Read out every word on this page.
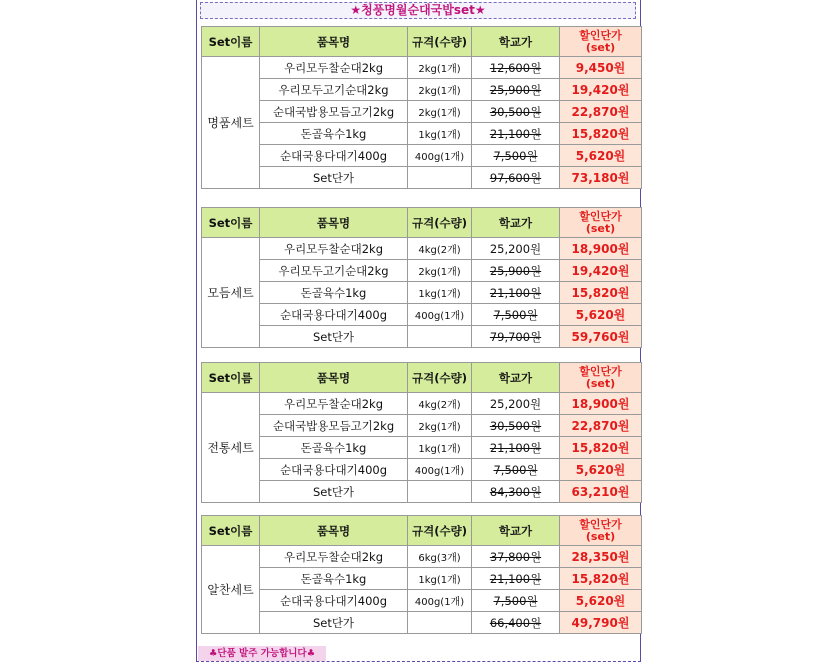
★청풍명월순대국밥set★
Set이름	품목명	규격(수량)	학교가	할인단가
(set)

명품세트	우리모두찰순대2kg	2kg(1개)	12,600원	9,450원
	우리모두고기순대2kg	2kg(1개)	25,900원	19,420원
	순대국밥용모듬고기2kg	2kg(1개)	30,500원	22,870원
	돈골육수1kg	1kg(1개)	21,100원	15,820원
	순대국용다대기400g	400g(1개)	7,500원	5,620원
	Set단가		97,600원	73,180원
Set이름	품목명	규격(수량)	학교가	할인단가
(set)

모듬세트	우리모두찰순대2kg	4kg(2개)	25,200원	18,900원
	우리모두고기순대2kg	2kg(1개)	25,900원	19,420원
	돈골육수1kg	1kg(1개)	21,100원	15,820원
	순대국용다대기400g	400g(1개)	7,500원	5,620원
	Set단가		79,700원	59,760원
Set이름	품목명	규격(수량)	학교가	할인단가
(set)

전통세트	우리모두찰순대2kg	4kg(2개)	25,200원	18,900원
	순대국밥용모듬고기2kg	2kg(1개)	30,500원	22,870원
	돈골육수1kg	1kg(1개)	21,100원	15,820원
	순대국용다대기400g	400g(1개)	7,500원	5,620원
	Set단가		84,300원	63,210원
Set이름	품목명	규격(수량)	학교가	할인단가
(set)

알찬세트	우리모두찰순대2kg	6kg(3개)	37,800원	28,350원
	돈골육수1kg	1kg(1개)	21,100원	15,820원
	순대국용다대기400g	400g(1개)	7,500원	5,620원
	Set단가		66,400원	49,790원
♣단품 발주 가능합니다♣
